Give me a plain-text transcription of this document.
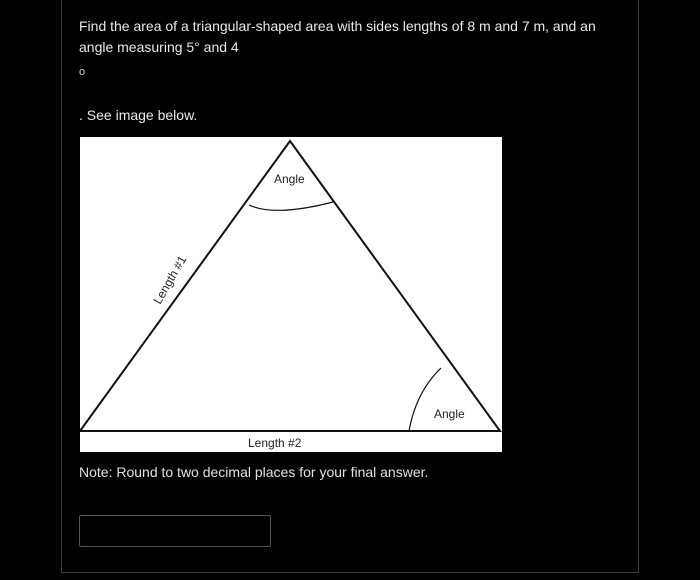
Find the area of a triangular-shaped area with sides lengths of 8 m and 7 m, and an angle measuring 5° and 4

o
. See image below.
Angle
Angle
Length #1
Length #2
Note: Round to two decimal places for your final answer.
